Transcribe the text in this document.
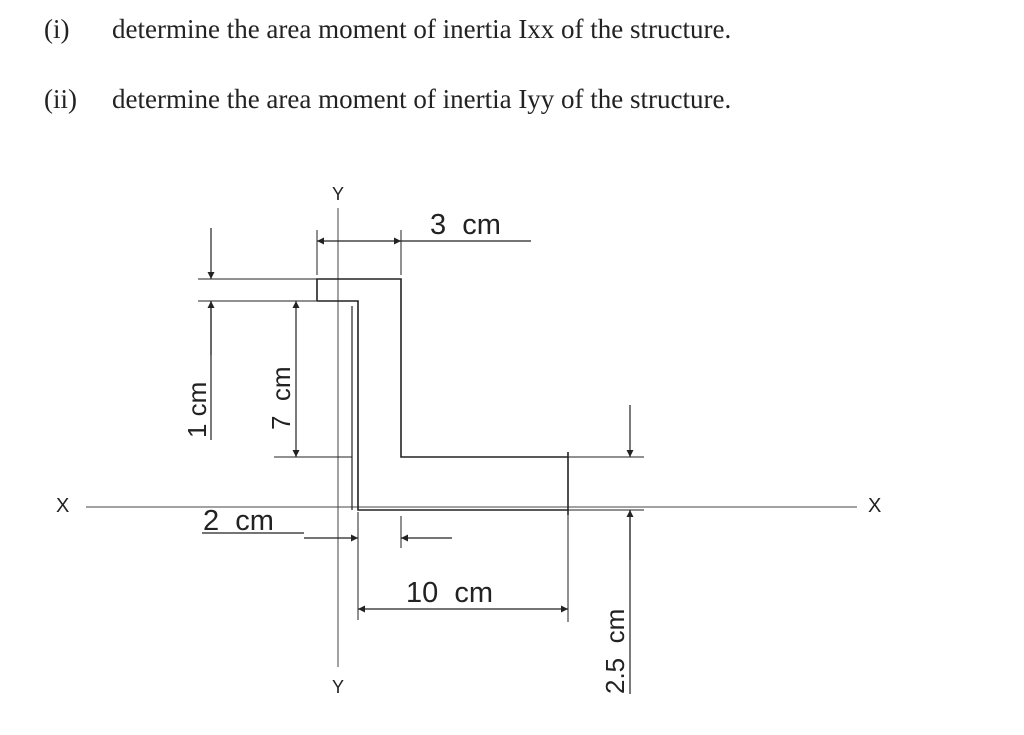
(i) determine the area moment of inertia Ixx of the structure.
(ii) determine the area moment of inertia Iyy of the structure.
X	X
Y
Y
3  cm
1 cm 7  cm
2  cm
10  cm
2.5  cm
